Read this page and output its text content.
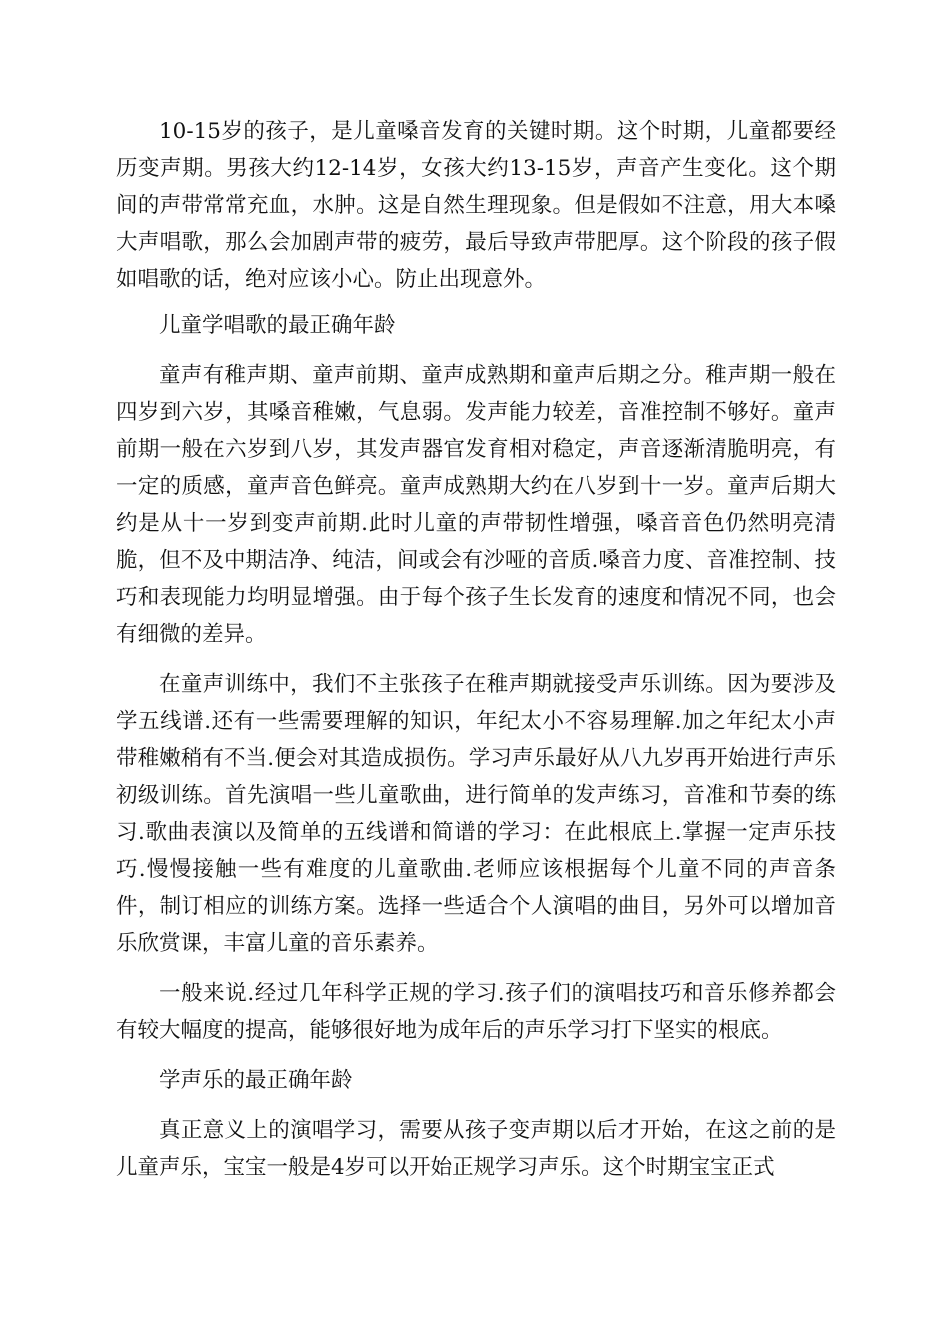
10-15岁的孩子，是儿童嗓音发育的关键时期。这个时期，儿童都要经历变声期。男孩大约12-14岁，女孩大约13-15岁，声音产生变化。这个期间的声带常常充血，水肿。这是自然生理现象。但是假如不注意，用大本嗓大声唱歌，那么会加剧声带的疲劳，最后导致声带肥厚。这个阶段的孩子假如唱歌的话，绝对应该小心。防止出现意外。

儿童学唱歌的最正确年龄

童声有稚声期、童声前期、童声成熟期和童声后期之分。稚声期一般在四岁到六岁，其嗓音稚嫩，气息弱。发声能力较差，音准控制不够好。童声前期一般在六岁到八岁，其发声器官发育相对稳定，声音逐渐清脆明亮，有一定的质感，童声音色鲜亮。童声成熟期大约在八岁到十一岁。童声后期大约是从十一岁到变声前期.此时儿童的声带韧性增强，嗓音音色仍然明亮清脆，但不及中期洁净、纯洁，间或会有沙哑的音质.嗓音力度、音准控制、技巧和表现能力均明显增强。由于每个孩子生长发育的速度和情况不同，也会有细微的差异。

在童声训练中，我们不主张孩子在稚声期就接受声乐训练。因为要涉及学五线谱.还有一些需要理解的知识，年纪太小不容易理解.加之年纪太小声带稚嫩稍有不当.便会对其造成损伤。学习声乐最好从八九岁再开始进行声乐初级训练。首先演唱一些儿童歌曲，进行简单的发声练习，音准和节奏的练习.歌曲表演以及简单的五线谱和简谱的学习：在此根底上.掌握一定声乐技巧.慢慢接触一些有难度的儿童歌曲.老师应该根据每个儿童不同的声音条件，制订相应的训练方案。选择一些适合个人演唱的曲目，另外可以增加音乐欣赏课，丰富儿童的音乐素养。

一般来说.经过几年科学正规的学习.孩子们的演唱技巧和音乐修养都会有较大幅度的提高，能够很好地为成年后的声乐学习打下坚实的根底。

学声乐的最正确年龄

真正意义上的演唱学习，需要从孩子变声期以后才开始，在这之前的是儿童声乐，宝宝一般是4岁可以开始正规学习声乐。这个时期宝宝正式
